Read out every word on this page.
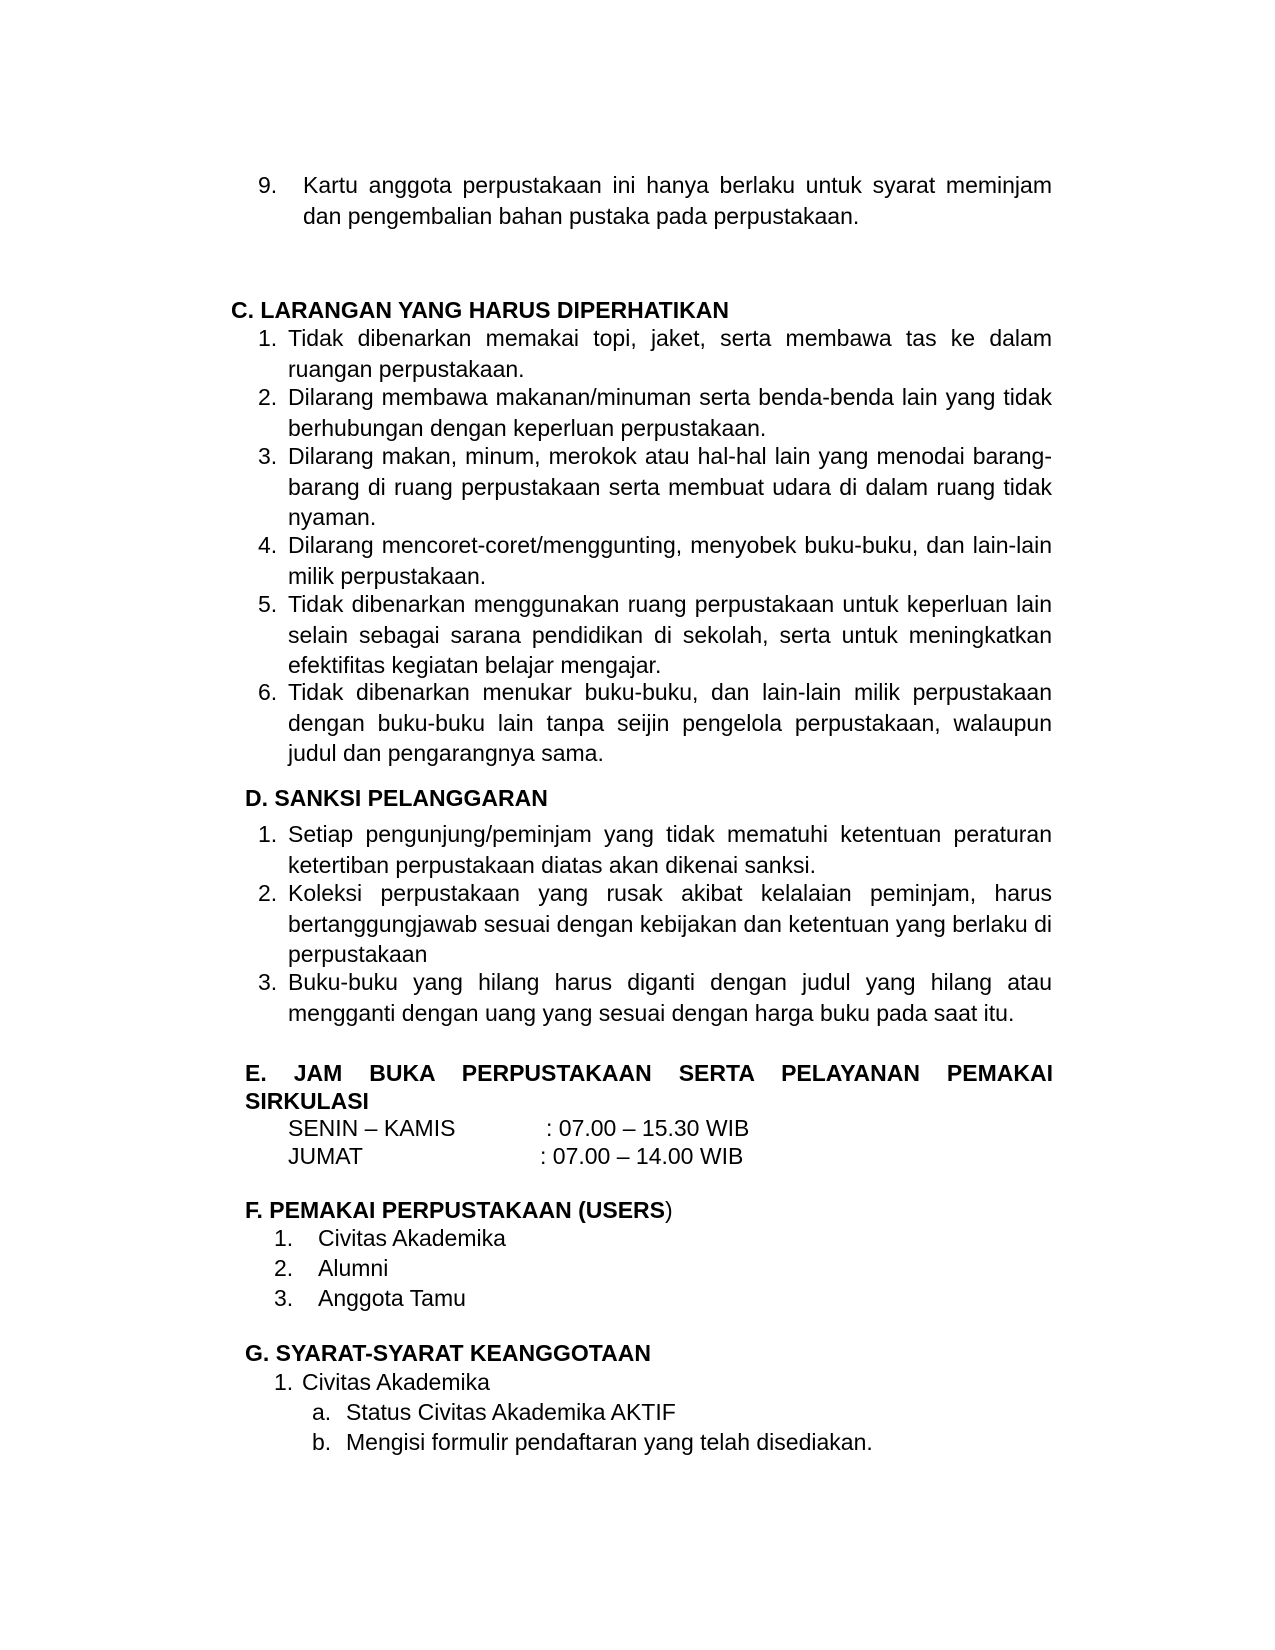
9. Kartu anggota perpustakaan ini hanya berlaku untuk syarat meminjam dan pengembalian bahan pustaka pada perpustakaan.
C. LARANGAN YANG HARUS DIPERHATIKAN
1. Tidak dibenarkan memakai topi, jaket, serta membawa tas ke dalam ruangan perpustakaan.
2. Dilarang membawa makanan/minuman serta benda-benda lain yang tidak berhubungan dengan keperluan perpustakaan.
3. Dilarang makan, minum, merokok atau hal-hal lain yang menodai barang-barang di ruang perpustakaan serta membuat udara di dalam ruang tidak nyaman.
4. Dilarang mencoret-coret/menggunting, menyobek buku-buku, dan lain-lain milik perpustakaan.
5. Tidak dibenarkan menggunakan ruang perpustakaan untuk keperluan lain selain sebagai sarana pendidikan di sekolah, serta untuk meningkatkan efektifitas kegiatan belajar mengajar.
6. Tidak dibenarkan menukar buku-buku, dan lain-lain milik perpustakaan dengan buku-buku lain tanpa seijin pengelola perpustakaan, walaupun judul dan pengarangnya sama.
D. SANKSI PELANGGARAN
1. Setiap pengunjung/peminjam yang tidak mematuhi ketentuan peraturan ketertiban perpustakaan diatas akan dikenai sanksi.
2. Koleksi perpustakaan yang rusak akibat kelalaian peminjam, harus bertanggungjawab sesuai dengan kebijakan dan ketentuan yang berlaku di perpustakaan
3. Buku-buku yang hilang harus diganti dengan judul yang hilang atau mengganti dengan uang yang sesuai dengan harga buku pada saat itu.
E. JAM BUKA PERPUSTAKAAN SERTA PELAYANAN PEMAKAI SIRKULASI
SENIN – KAMIS	: 07.00 – 15.30 WIB
JUMAT	: 07.00 – 14.00 WIB
F. PEMAKAI PERPUSTAKAAN (USERS)
1. Civitas Akademika
2. Alumni
3. Anggota Tamu
G. SYARAT-SYARAT KEANGGOTAAN
1. Civitas Akademika
a. Status Civitas Akademika AKTIF
b. Mengisi formulir pendaftaran yang telah disediakan.
